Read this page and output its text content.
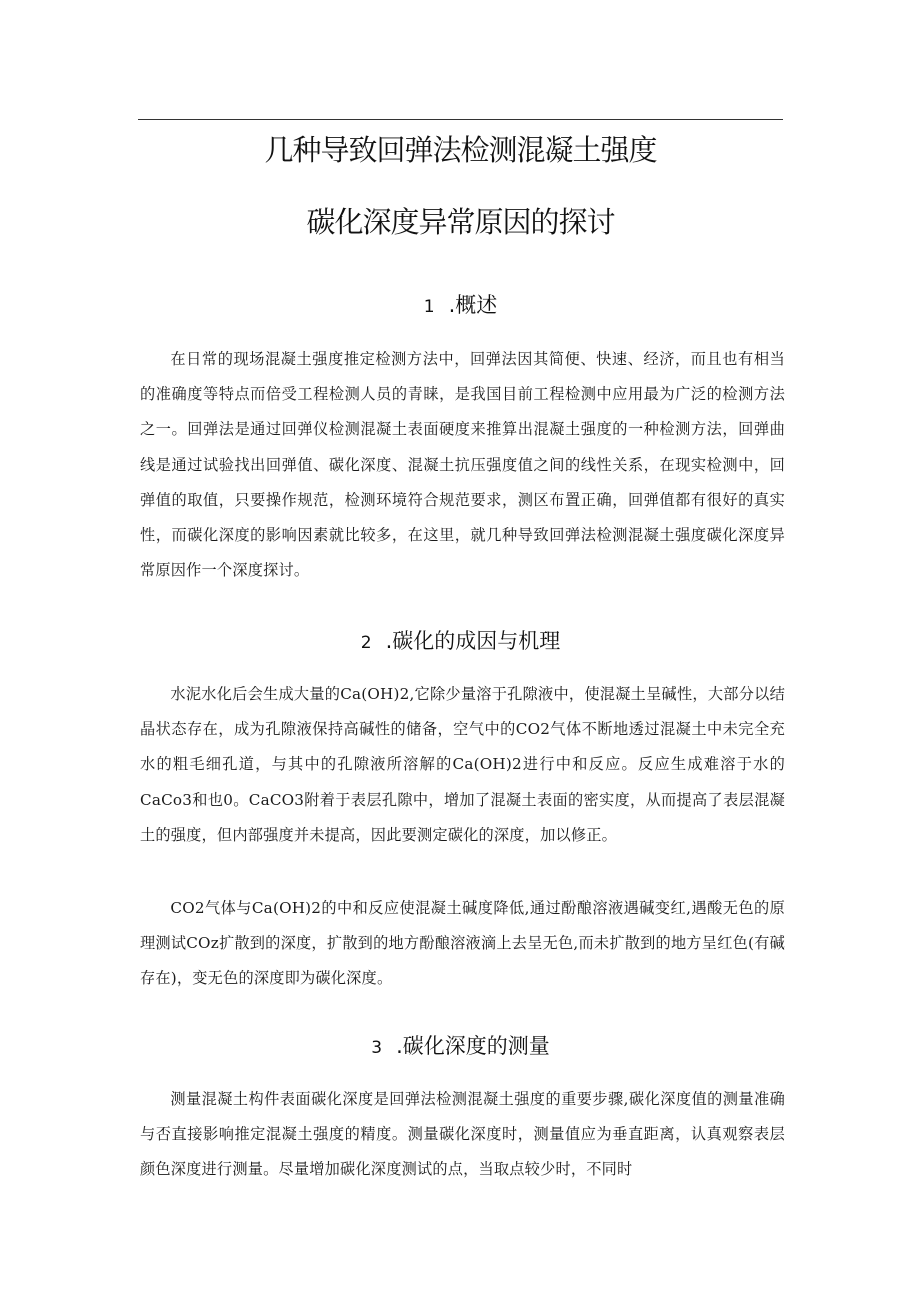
几种导致回弹法检测混凝土强度
碳化深度异常原因的探讨
1 .概述

在日常的现场混凝土强度推定检测方法中，回弹法因其简便、快速、经济，而且也有相当的准确度等特点而倍受工程检测人员的青睐，是我国目前工程检测中应用最为广泛的检测方法之一。回弹法是通过回弹仪检测混凝土表面硬度来推算出混凝土强度的一种检测方法，回弹曲线是通过试验找出回弹值、碳化深度、混凝土抗压强度值之间的线性关系，在现实检测中，回弹值的取值，只要操作规范，检测环境符合规范要求，测区布置正确，回弹值都有很好的真实性，而碳化深度的影响因素就比较多，在这里，就几种导致回弹法检测混凝土强度碳化深度异常原因作一个深度探讨。

2 .碳化的成因与机理

水泥水化后会生成大量的Ca(OH)2,它除少量溶于孔隙液中，使混凝土呈碱性，大部分以结晶状态存在，成为孔隙液保持高碱性的储备，空气中的CO2气体不断地透过混凝土中未完全充水的粗毛细孔道，与其中的孔隙液所溶解的Ca(OH)2进行中和反应。反应生成难溶于水的CaCo3和也0。CaCO3附着于表层孔隙中，增加了混凝土表面的密实度，从而提高了表层混凝土的强度，但内部强度并未提高，因此要测定碳化的深度，加以修正。

CO2气体与Ca(OH)2的中和反应使混凝土碱度降低,通过酚酿溶液遇碱变红,遇酸无色的原理测试COz扩散到的深度，扩散到的地方酚酿溶液滴上去呈无色,而未扩散到的地方呈红色(有碱存在)，变无色的深度即为碳化深度。

3 .碳化深度的测量

测量混凝土构件表面碳化深度是回弹法检测混凝土强度的重要步骤,碳化深度值的测量准确与否直接影响推定混凝土强度的精度。测量碳化深度时，测量值应为垂直距离，认真观察表层颜色深度进行测量。尽量增加碳化深度测试的点，当取点较少时，不同时
